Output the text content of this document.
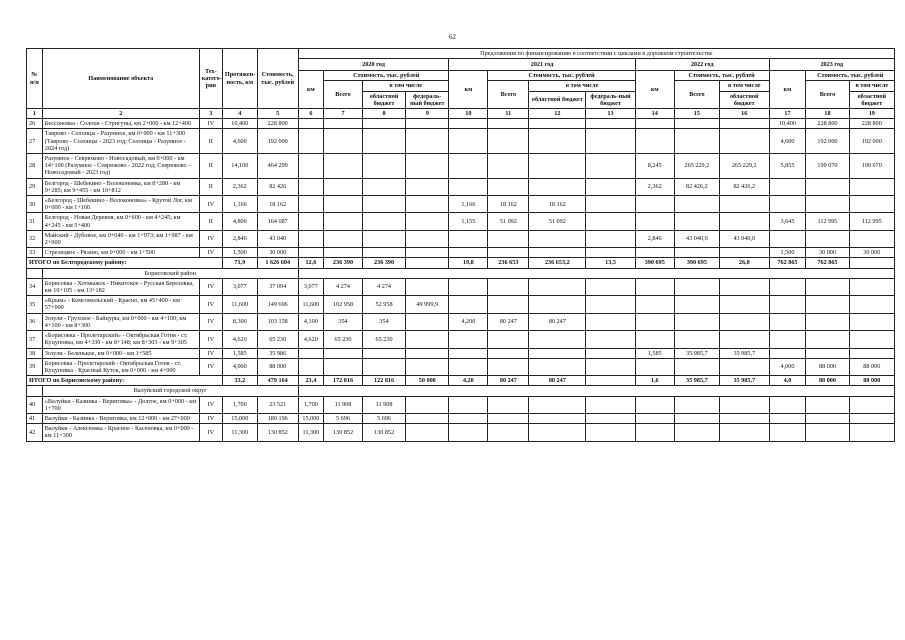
62
№ п/п	Наименование объекта	Тех-катего-рия	Протяжен-ность, км	Стоимость, тыс. рублей	Предложения по финансированию в соответствии с циклами в дорожном строительстве													
					2020 год				2021 год				2022 год			2023 год		
					км	Стоимость, тыс. рублей			км	Стоимость, тыс. рублей			км	Стоимость, тыс. рублей		км	Стоимость, тыс. рублей	
						Всего	в том числе			Всего	в том числе			Всего	в том числе		Всего	в том числе
							областной бюджет	федераль-ный бюджет			областной бюджет	федераль-ный бюджет			областной бюджет			областной бюджет
1	2	3	4	5	6	7	8	9	10	11	12	13	14	15	16	17	18	19
26	Бессоновка - Солохи - Стригуны, км 2+000 - км 12+400	IV	10,400	228 800												10,400	228 800	228 800
27	Таврово - Солонцы - Разумное, км 0+000 - км 11+300 (Таврово - Солонцы - 2023 год; Солонцы - Разумное - 2024 год)	II	4,600	192 000												4,600	192 000	192 000
28	Разумное - Севрюково - Новосадовый, км 0+000 - км 14+100 (Разумное - Севрюково - 2022 год; Севрюково - Новосадовый - 2023 год)	II	14,100	464 299									8,245	265 229,2	265 229,2	5,855	199 070	199 070
29	Белгород - Шебекино - Волоконовка, км 8+280 - км 9+285; км 9+455 - км 10+812	II	2,362	82 426									2,362	82 426,2	82 426,2			
30	«Белгород - Шебекино - Волоконовка» - Крутой Лог, км 0+000 - км 1+166	IV	1,166	18 162					1,166	18 162	18 162							
31	Белгород - Новая Деревня, км 0+600 - км 4+245; км 4+245 - км 5+400	II	4,800	164 087					1,155	51 092	51 092					3,645	112 995	112 995
32	Майский - Дубовое, км 0+040 - км 1+973; км 1+987 - км 2+900	IV	2,846	43 040									2,846	43 040,0	43 040,0			
33	Стрелецкое - Рязано, км 0+000 - км 1+500	IV	1,500	30 000												1,500	30 000	30 000
ИТОГО по Белгородскому району:			71,9	1 626 604	12,6	236 390	236 390		19,8	236 653	236 653,2	13,5	390 695	390 695	26,0	762 865	762 865	
	Борисовский район																	
34	Борисовка - Хотмыжск - Никитское - Русская Березовка, км 10+105 - км 13+182	IV	3,077	37 094	3,077	4 274	4 274											
35	«Крым» - Комсомольский - Красно, км 45+400 - км 57+000	IV	11,600	149 696	11,600	102 958	52 958	49 999,9										
36	Зозули - Грузское - Байцуры, км 0+000 - км 4+100; км 4+100 - км 8+300	IV	8,300	103 158	4,100	354	354		4,200	80 247	80 247							
37	«Борисовка - Пролетарский» - Октябрьская Готня - ст. Куцуповка, км 4+330 - км 8+148; км 8+303 - км 9+305	IV	4,620	65 230	4,620	65 230	65 230											
38	Зозули - Беленькое, км 0+000 - км 1+585	IV	1,585	35 986									1,585	35 985,7	35 985,7			
39	Борисовка - Пролетарский - Октябрьская Готня - ст. Куцуповка - Красный Куток, км 0+000 - км 4+000	IV	4,000	88 000												4,000	88 000	88 000
ИТОГО по Борисовскому району:			33,2	479 164	23,4	172 816	122 816	50 000	4,20	80 247	80 247		1,6	35 985,7	35 985,7	4,0	88 000	88 000
	Валуйский городской округ																	
40	«Валуйки - Казинка - Вериговка» - Долгое, км 0+000 - км 1+700	IV	1,700	23 521	1,700	11 908	11 908											
41	Валуйки - Казинка - Вериговка, км 12+000 - км 27+000	IV	15,000	180 196	15,000	5 696	5 696											
42	Валуйки - Алексеевка - Красное - Касеновка, км 0+000 - км 11+300	IV	11,300	130 852	11,300	130 852	130 852											
